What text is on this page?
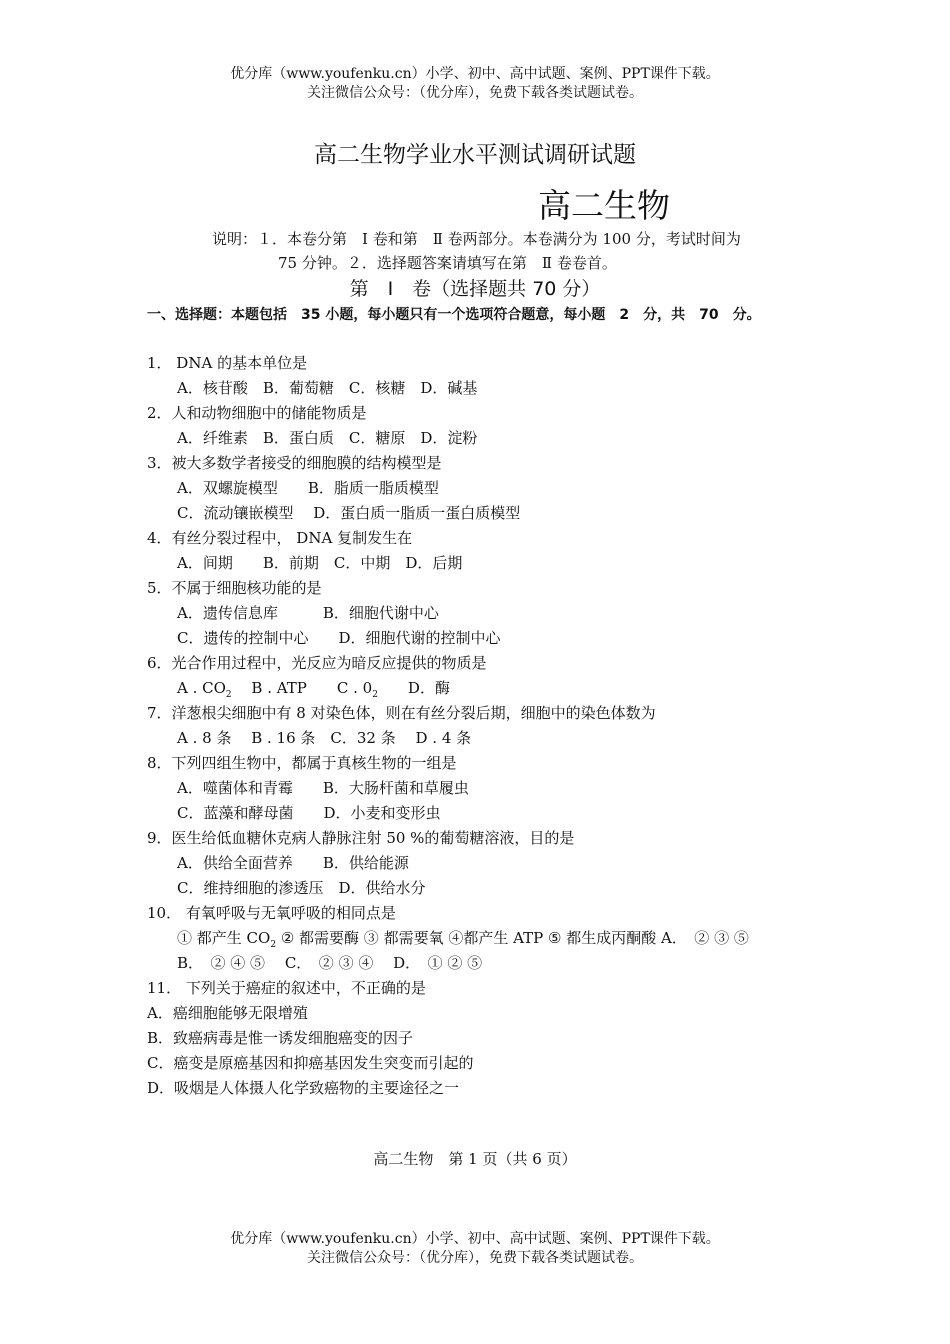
优分库（www.youfenku.cn）小学、初中、高中试题、案例、PPT课件下载。
关注微信公众号：（优分库），免费下载各类试题试卷。
高二生物学业水平测试调研试题
高二生物
说明：１．本卷分第　Ⅰ 卷和第　Ⅱ 卷两部分。本卷满分为 100 分，考试时间为
75 分钟。２．选择题答案请填写在第　Ⅱ 卷卷首。
第　Ⅰ　卷（选择题共 70 分）
一、选择题：本题包括　35 小题，每小题只有一个选项符合题意，每小题　2　分，共　70　分。
1． DNA 的基本单位是
A．核苷酸　B．葡萄糖　C．核糖　D．碱基
2．人和动物细胞中的储能物质是
A．纤维素　B．蛋白质　C．糖原　D．淀粉
3．被大多数学者接受的细胞膜的结构模型是
A．双螺旋模型　　B．脂质一脂质模型
C．流动镶嵌模型　 D．蛋白质一脂质一蛋白质模型
4．有丝分裂过程中， DNA 复制发生在
A．间期　　B．前期　C．中期　D．后期
5．不属于细胞核功能的是
A．遗传信息库　　　B．细胞代谢中心
C．遗传的控制中心　　D．细胞代谢的控制中心
6．光合作用过程中，光反应为暗反应提供的物质是
A . $CO_2$　 B . ATP　　C . $0_2$　　D．酶
7．洋葱根尖细胞中有 8 对染色体，则在有丝分裂后期，细胞中的染色体数为
A . 8 条　 B . 16 条　C．32 条　 D . 4 条
8．下列四组生物中，都属于真核生物的一组是
A．噬菌体和青霉　　B．大肠杆菌和草履虫
C．蓝藻和酵母菌　　D．小麦和变形虫
9．医生给低血糖休克病人静脉注射 50 %的葡萄糖溶液，目的是
A．供给全面营养　　B．供给能源
C．维持细胞的渗透压　D．供给水分
10． 有氧呼吸与无氧呼吸的相同点是
① 都产生 $CO_2$ ② 都需要酶 ③ 都需要氧 ④都产生 ATP ⑤ 都生成丙酮酸 A．　② ③ ⑤
B．　② ④ ⑤　 C．　② ③ ④　 D．　① ② ⑤
11． 下列关于癌症的叙述中，不正确的是
A．癌细胞能够无限增殖
B．致癌病毒是惟一诱发细胞癌变的因子
C．癌变是原癌基因和抑癌基因发生突变而引起的
D．吸烟是人体摄人化学致癌物的主要途径之一
高二生物　第 1 页（共 6 页）
优分库（www.youfenku.cn）小学、初中、高中试题、案例、PPT课件下载。
关注微信公众号：（优分库），免费下载各类试题试卷。
